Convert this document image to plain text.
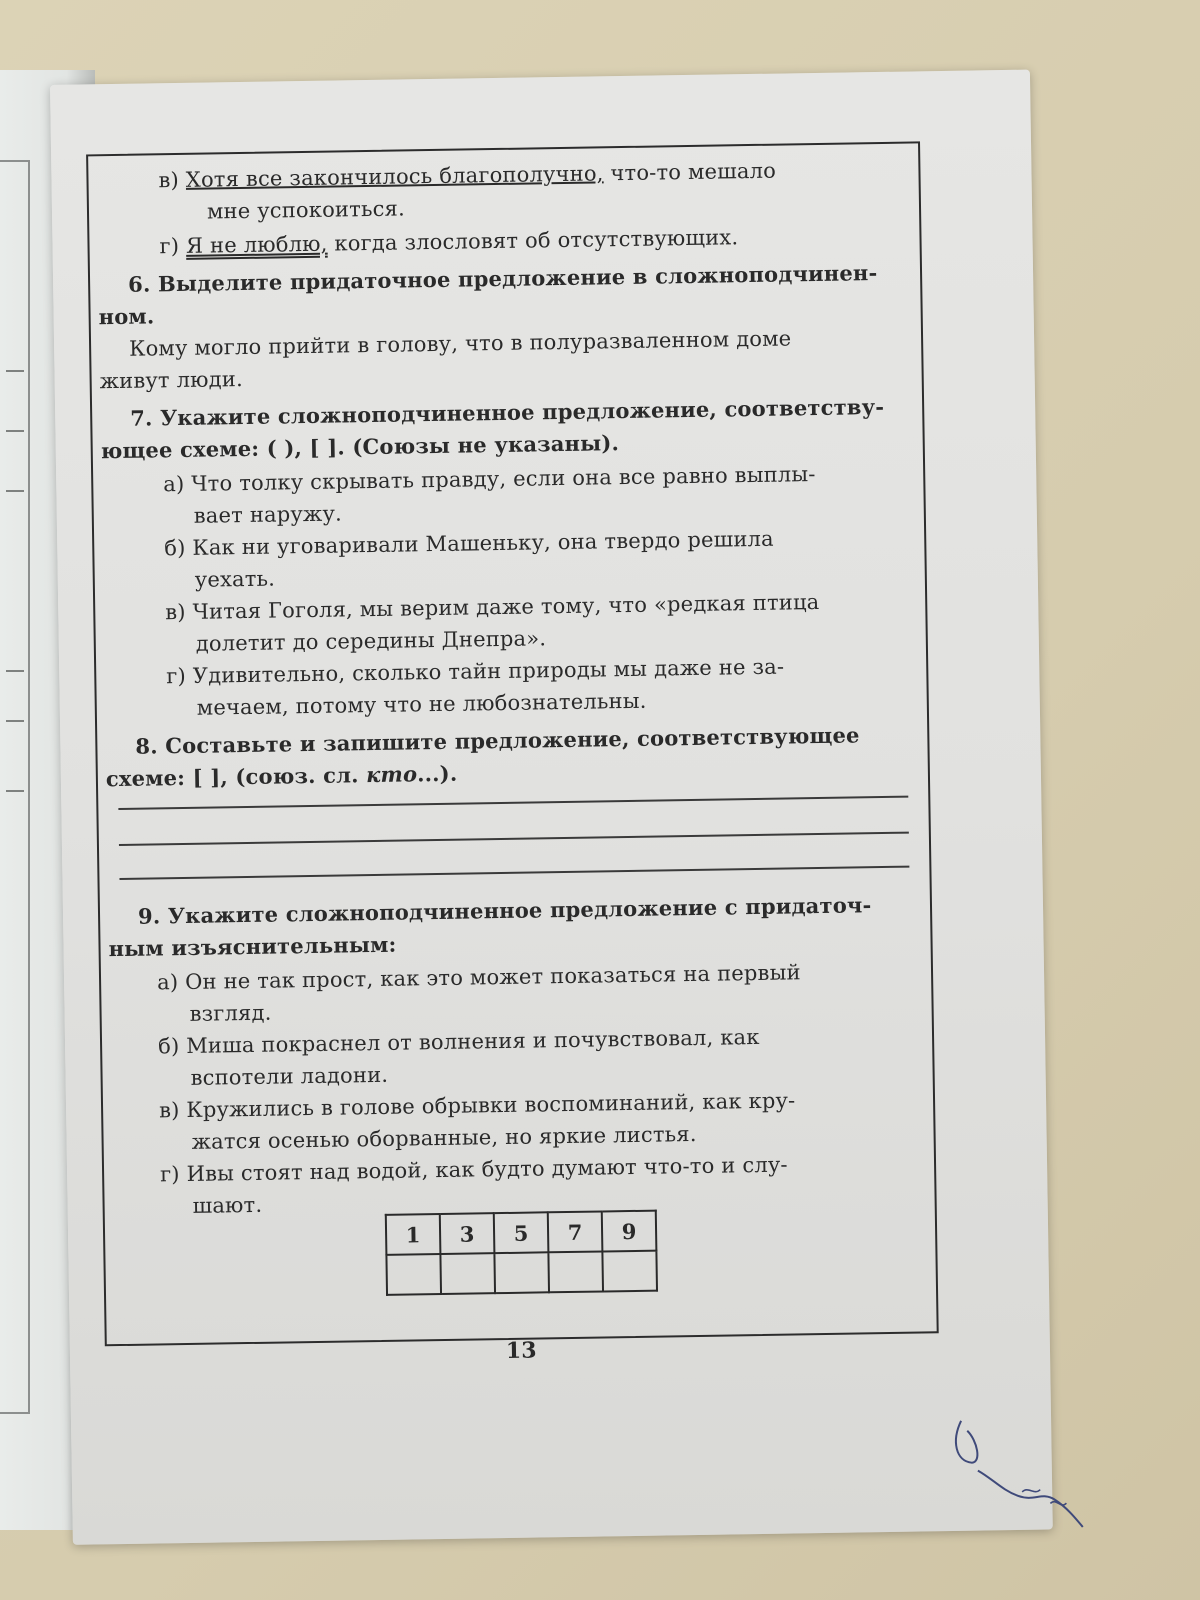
в) Хотя все закончилось благополучно, что-то мешало
мне успокоиться.
г) Я не люблю, когда злословят об отсутствующих.
6. Выделите придаточное предложение в сложноподчинен-
ном.
Кому могло прийти в голову, что в полуразваленном доме
живут люди.
7. Укажите сложноподчиненное предложение, соответству-
ющее схеме: ( ), [ ]. (Союзы не указаны).
а) Что толку скрывать правду, если она все равно выплы-
вает наружу.
б) Как ни уговаривали Машеньку, она твердо решила
уехать.
в) Читая Гоголя, мы верим даже тому, что «редкая птица
долетит до середины Днепра».
г) Удивительно, сколько тайн природы мы даже не за-
мечаем, потому что не любознательны.
8. Составьте и запишите предложение, соответствующее
схеме: [ ], (союз. сл. кто...).
9. Укажите сложноподчиненное предложение с придаточ-
ным изъяснительным:
а) Он не так прост, как это может показаться на первый
взгляд.
б) Миша покраснел от волнения и почувствовал, как
вспотели ладони.
в) Кружились в голове обрывки воспоминаний, как кру-
жатся осенью оборванные, но яркие листья.
г) Ивы стоят над водой, как будто думают что-то и слу-
шают.
1	3	5	7	9

13
